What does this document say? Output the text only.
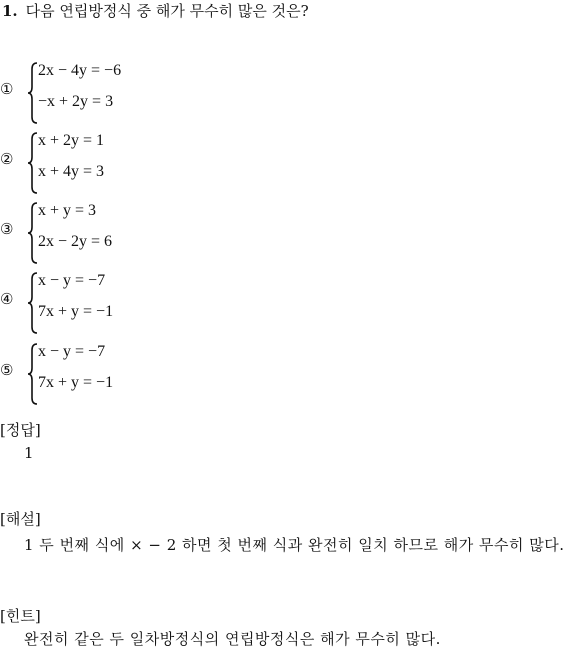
1. 다음 연립방정식 중 해가 무수히 많은 것은?
①
2x − 4y = −6
−x + 2y = 3
②
x + 2y = 1
x + 4y = 3
③
x + y = 3
2x − 2y = 6
④
x − y = −7
7x + y = −1
⑤
x − y = −7
7x + y = −1
[정답]
1
[해설]
1 두 번째 식에 × − 2 하면 첫 번째 식과 완전히 일치 하므로 해가 무수히 많다.
[힌트]
완전히 같은 두 일차방정식의 연립방정식은 해가 무수히 많다.
